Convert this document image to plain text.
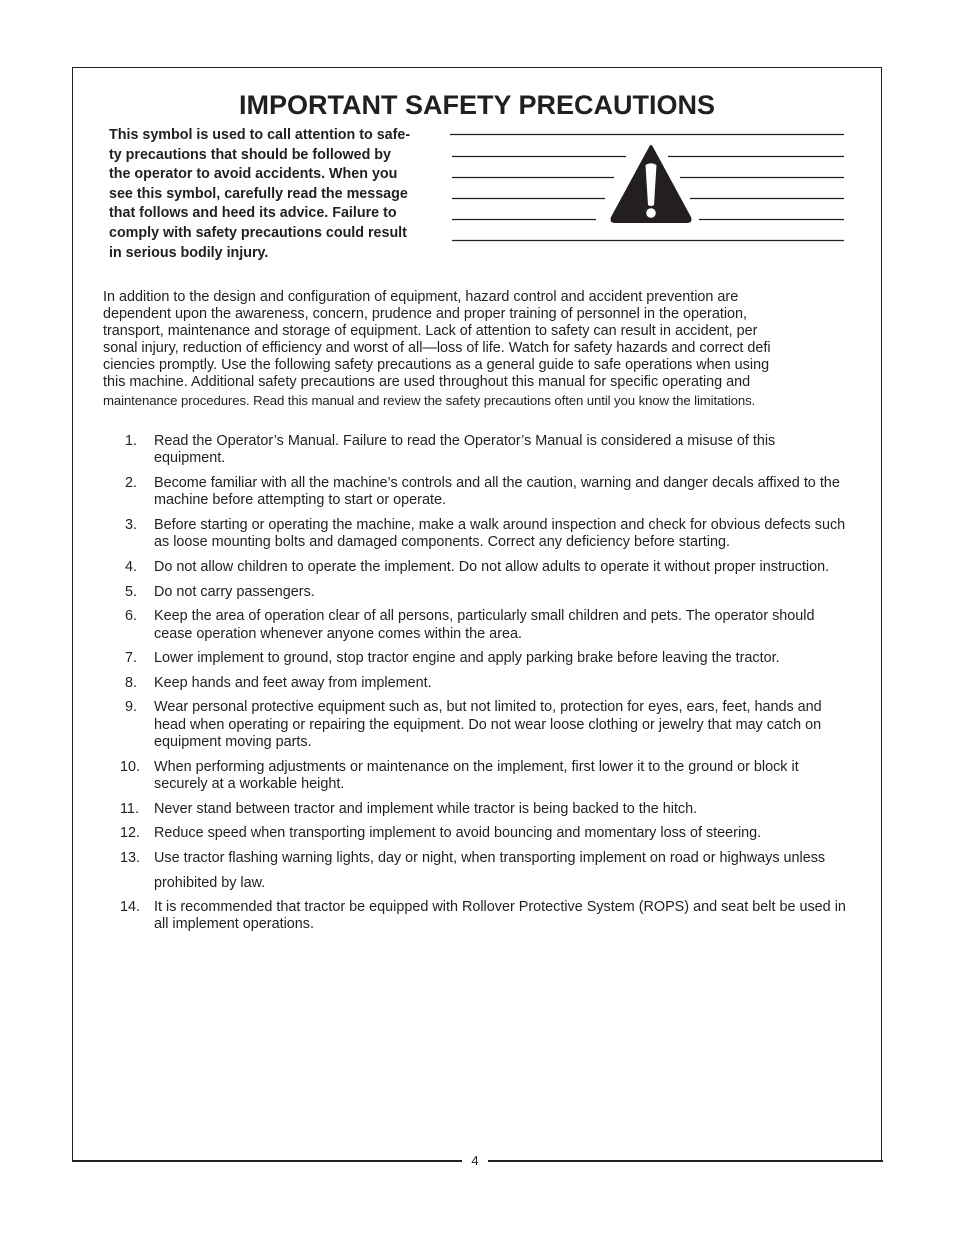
4
IMPORTANT SAFETY PRECAUTIONS
This symbol is used to call attention to safe-
ty precautions that should be followed by
the operator to avoid accidents. When you
see this symbol, carefully read the message
that follows and heed its advice. Failure to
comply with safety precautions could result
in serious bodily injury.
In addition to the design and configuration of equipment, hazard control and accident prevention are
dependent upon the awareness, concern, prudence and proper training of personnel in the operation,
transport, maintenance and storage of equipment. Lack of attention to safety can result in accident, per
sonal injury, reduction of efficiency and worst of all—loss of life. Watch for safety hazards and correct defi
ciencies promptly. Use the following safety precautions as a general guide to safe operations when using
this machine. Additional safety precautions are used throughout this manual for specific operating and
maintenance procedures. Read this manual and review the safety precautions often until you know the limitations.
1. Read the Operator’s Manual. Failure to read the Operator’s Manual is considered a misuse of this equipment.
2. Become familiar with all the machine’s controls and all the caution, warning and danger decals affixed to the machine before attempting to start or operate.
3. Before starting or operating the machine, make a walk around inspection and check for obvious defects such as loose mounting bolts and damaged components. Correct any deficiency before starting.
4. Do not allow children to operate the implement. Do not allow adults to operate it without proper instruction.
5. Do not carry passengers.
6. Keep the area of operation clear of all persons, particularly small children and pets. The operator should cease operation whenever anyone comes within the area.
7. Lower implement to ground, stop tractor engine and apply parking brake before leaving the tractor.
8. Keep hands and feet away from implement.
9. Wear personal protective equipment such as, but not limited to, protection for eyes, ears, feet, hands and head when operating or repairing the equipment. Do not wear loose clothing or jewelry that may catch on equipment moving parts.
10. When performing adjustments or maintenance on the implement, first lower it to the ground or block it securely at a workable height.
11. Never stand between tractor and implement while tractor is being backed to the hitch.
12. Reduce speed when transporting implement to avoid bouncing and momentary loss of steering.
13. Use tractor flashing warning lights, day or night, when transporting implement on road or highways unless prohibited by law.
14. It is recommended that tractor be equipped with Rollover Protective System (ROPS) and seat belt be used in all implement operations.
